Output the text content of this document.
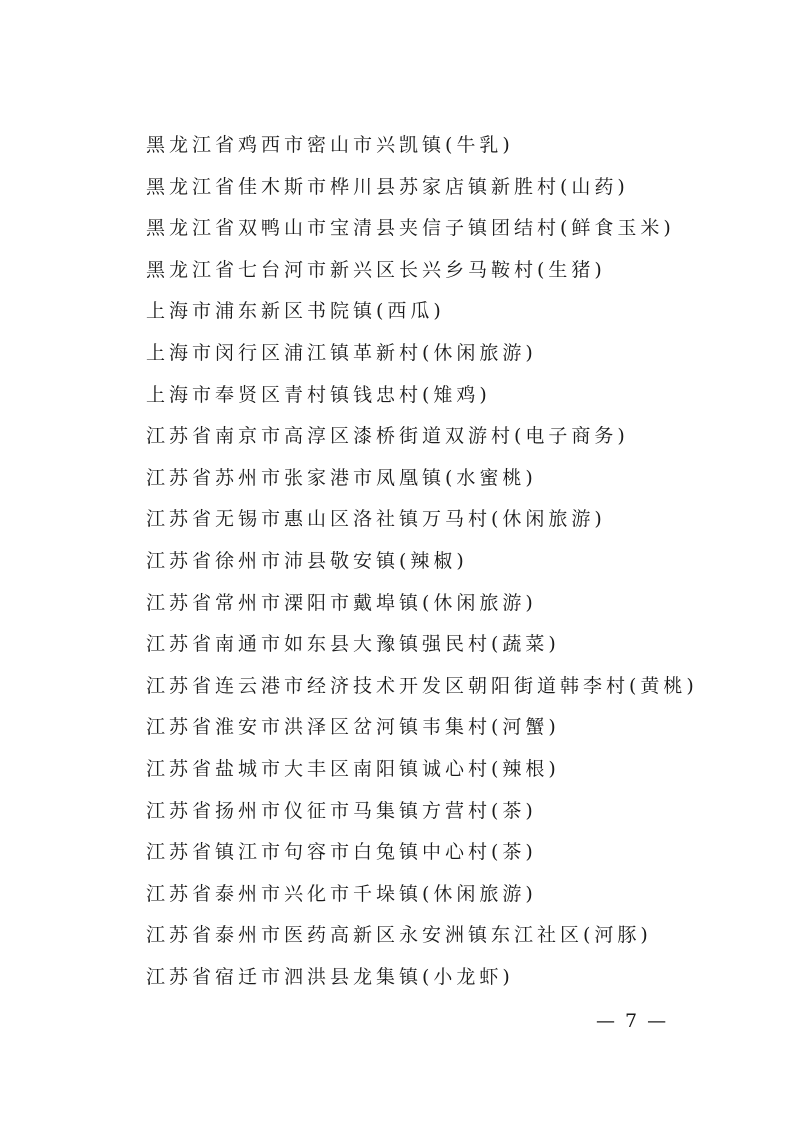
黑龙江省鸡西市密山市兴凯镇(牛乳)
黑龙江省佳木斯市桦川县苏家店镇新胜村(山药)
黑龙江省双鸭山市宝清县夹信子镇团结村(鲜食玉米)
黑龙江省七台河市新兴区长兴乡马鞍村(生猪)
上海市浦东新区书院镇(西瓜)
上海市闵行区浦江镇革新村(休闲旅游)
上海市奉贤区青村镇钱忠村(雉鸡)
江苏省南京市高淳区漆桥街道双游村(电子商务)
江苏省苏州市张家港市凤凰镇(水蜜桃)
江苏省无锡市惠山区洛社镇万马村(休闲旅游)
江苏省徐州市沛县敬安镇(辣椒)
江苏省常州市溧阳市戴埠镇(休闲旅游)
江苏省南通市如东县大豫镇强民村(蔬菜)
江苏省连云港市经济技术开发区朝阳街道韩李村(黄桃)
江苏省淮安市洪泽区岔河镇韦集村(河蟹)
江苏省盐城市大丰区南阳镇诚心村(辣根)
江苏省扬州市仪征市马集镇方营村(茶)
江苏省镇江市句容市白兔镇中心村(茶)
江苏省泰州市兴化市千垛镇(休闲旅游)
江苏省泰州市医药高新区永安洲镇东江社区(河豚)
江苏省宿迁市泗洪县龙集镇(小龙虾)
— 7 —
